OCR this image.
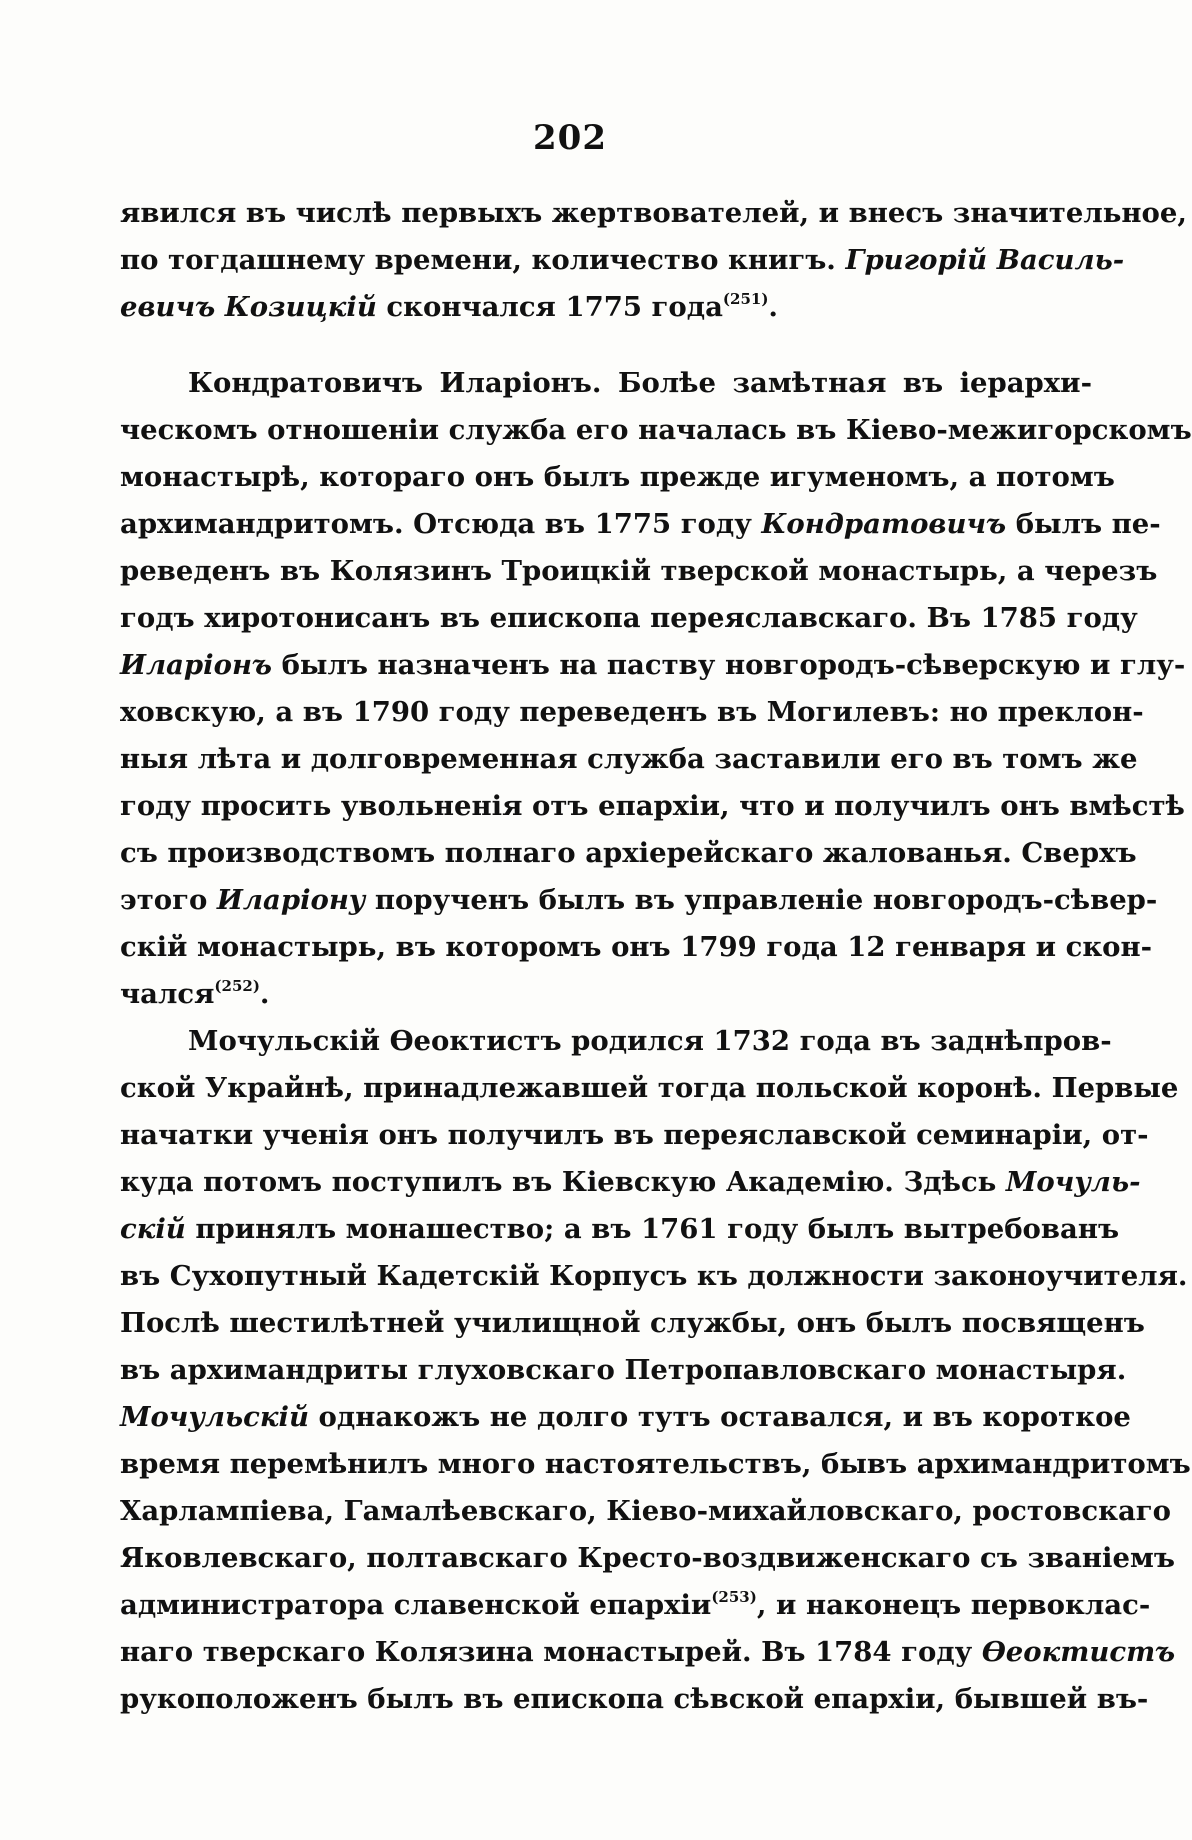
202
явился въ числѣ первыхъ жертвователей, и внесъ значительное,
по тогдашнему времени, количество книгъ. Григорій Василь-
евичъ Козицкій скончался 1775 года$^{(251)}$.
Кондратовичъ Иларіонъ. Болѣе замѣтная въ іерархи-
ческомъ отношеніи служба его началась въ Кіево-межигорскомъ
монастырѣ, котораго онъ былъ прежде игуменомъ, а потомъ
архимандритомъ. Отсюда въ 1775 году Кондратовичъ былъ пе-
реведенъ въ Колязинъ Троицкій тверской монастырь, а черезъ
годъ хиротонисанъ въ епископа переяславскаго. Въ 1785 году
Иларіонъ былъ назначенъ на паству новгородъ-сѣверскую и глу-
ховскую, а въ 1790 году переведенъ въ Могилевъ: но преклон-
ныя лѣта и долговременная служба заставили его въ томъ же
году просить увольненія отъ епархіи, что и получилъ онъ вмѣстѣ
съ производствомъ полнаго архіерейскаго жалованья. Сверхъ
этого Иларіону порученъ былъ въ управленіе новгородъ-сѣвер-
скій монастырь, въ которомъ онъ 1799 года 12 генваря и скон-
чался$^{(252)}$.
Мочульскій Ѳеоктистъ родился 1732 года въ заднѣпров-
ской Украйнѣ, принадлежавшей тогда польской коронѣ. Первые
начатки ученія онъ получилъ въ переяславской семинаріи, от-
куда потомъ поступилъ въ Кіевскую Академію. Здѣсь Мочуль-
скій принялъ монашество; а въ 1761 году былъ вытребованъ
въ Сухопутный Кадетскій Корпусъ къ должности законоучителя.
Послѣ шестилѣтней училищной службы, онъ былъ посвященъ
въ архимандриты глуховскаго Петропавловскаго монастыря.
Мочульскій однакожъ не долго тутъ оставался, и въ короткое
время перемѣнилъ много настоятельствъ, бывъ архимандритомъ
Харлампіева, Гамалѣевскаго, Кіево-михайловскаго, ростовскаго
Яковлевскаго, полтавскаго Кресто-воздвиженскаго съ званіемъ
администратора славенской епархіи$^{(253)}$, и наконецъ первоклас-
наго тверскаго Колязина монастырей. Въ 1784 году Ѳеоктистъ
рукоположенъ былъ въ епископа сѣвской епархіи, бывшей въ-
